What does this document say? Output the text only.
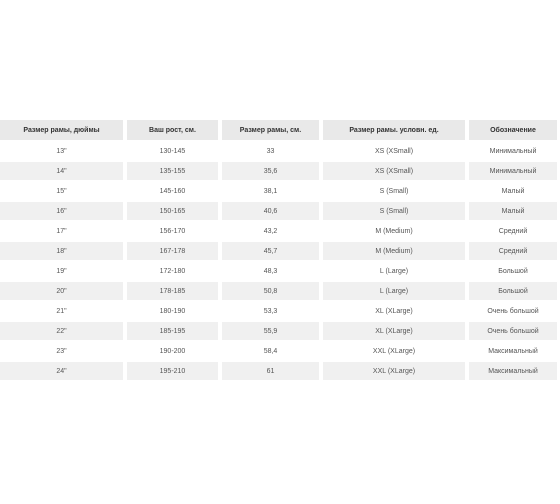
Размер рамы, дюймы	Ваш рост, см.	Размер рамы, см.	Размер рамы. условн. ед.	Обозначение
13"	130-145	33	XS (XSmall)	Минимальный
14"	135-155	35,6	XS (XSmall)	Минимальный
15"	145-160	38,1	S (Small)	Малый
16"	150-165	40,6	S (Small)	Малый
17"	156-170	43,2	M (Medium)	Средний
18"	167-178	45,7	M (Medium)	Средний
19"	172-180	48,3	L (Large)	Большой
20"	178-185	50,8	L (Large)	Большой
21"	180-190	53,3	XL (XLarge)	Очень большой
22"	185-195	55,9	XL (XLarge)	Очень большой
23"	190-200	58,4	XXL (XLarge)	Максимальный
24"	195-210	61	XXL (XLarge)	Максимальный
